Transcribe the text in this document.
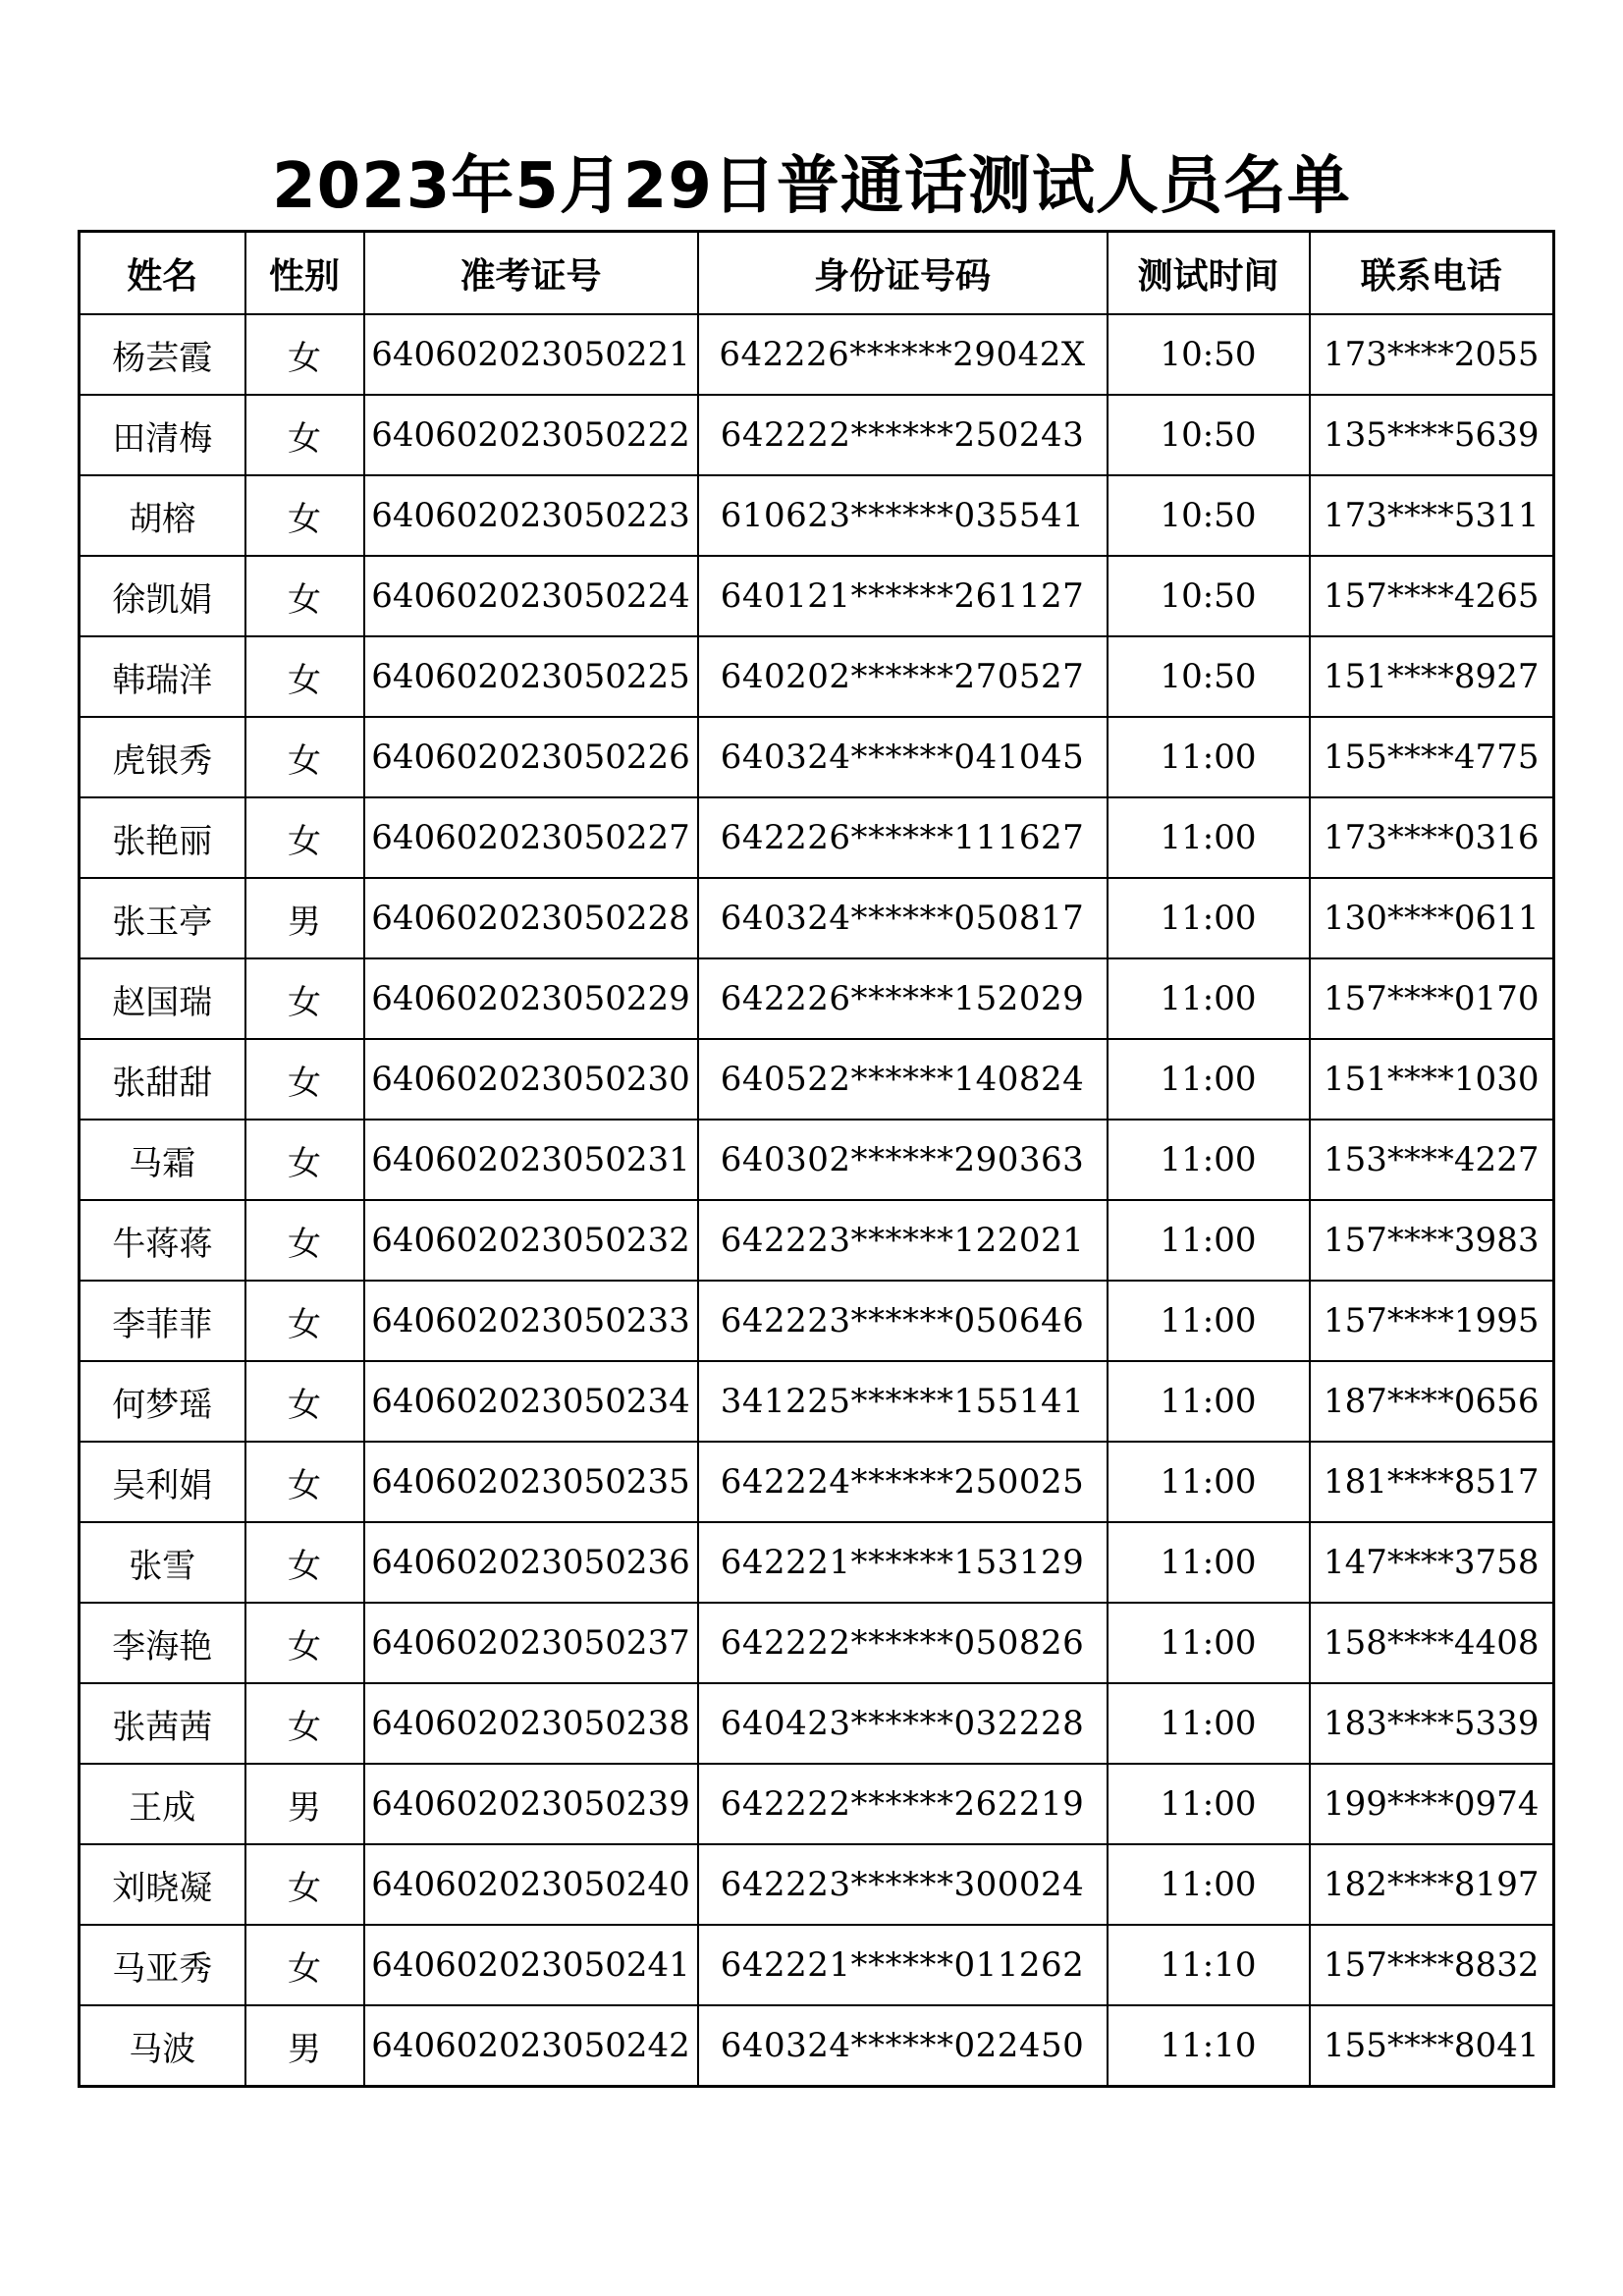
2023年5月29日普通话测试人员名单
姓名	性别	准考证号	身份证号码	测试时间	联系电话
杨芸霞	女	640602023050221	642226******29042X	10:50	173****2055
田清梅	女	640602023050222	642222******250243	10:50	135****5639
胡榕	女	640602023050223	610623******035541	10:50	173****5311
徐凯娟	女	640602023050224	640121******261127	10:50	157****4265
韩瑞洋	女	640602023050225	640202******270527	10:50	151****8927
虎银秀	女	640602023050226	640324******041045	11:00	155****4775
张艳丽	女	640602023050227	642226******111627	11:00	173****0316
张玉亭	男	640602023050228	640324******050817	11:00	130****0611
赵国瑞	女	640602023050229	642226******152029	11:00	157****0170
张甜甜	女	640602023050230	640522******140824	11:00	151****1030
马霜	女	640602023050231	640302******290363	11:00	153****4227
牛蒋蒋	女	640602023050232	642223******122021	11:00	157****3983
李菲菲	女	640602023050233	642223******050646	11:00	157****1995
何梦瑶	女	640602023050234	341225******155141	11:00	187****0656
吴利娟	女	640602023050235	642224******250025	11:00	181****8517
张雪	女	640602023050236	642221******153129	11:00	147****3758
李海艳	女	640602023050237	642222******050826	11:00	158****4408
张茜茜	女	640602023050238	640423******032228	11:00	183****5339
王成	男	640602023050239	642222******262219	11:00	199****0974
刘晓凝	女	640602023050240	642223******300024	11:00	182****8197
马亚秀	女	640602023050241	642221******011262	11:10	157****8832
马波	男	640602023050242	640324******022450	11:10	155****8041
